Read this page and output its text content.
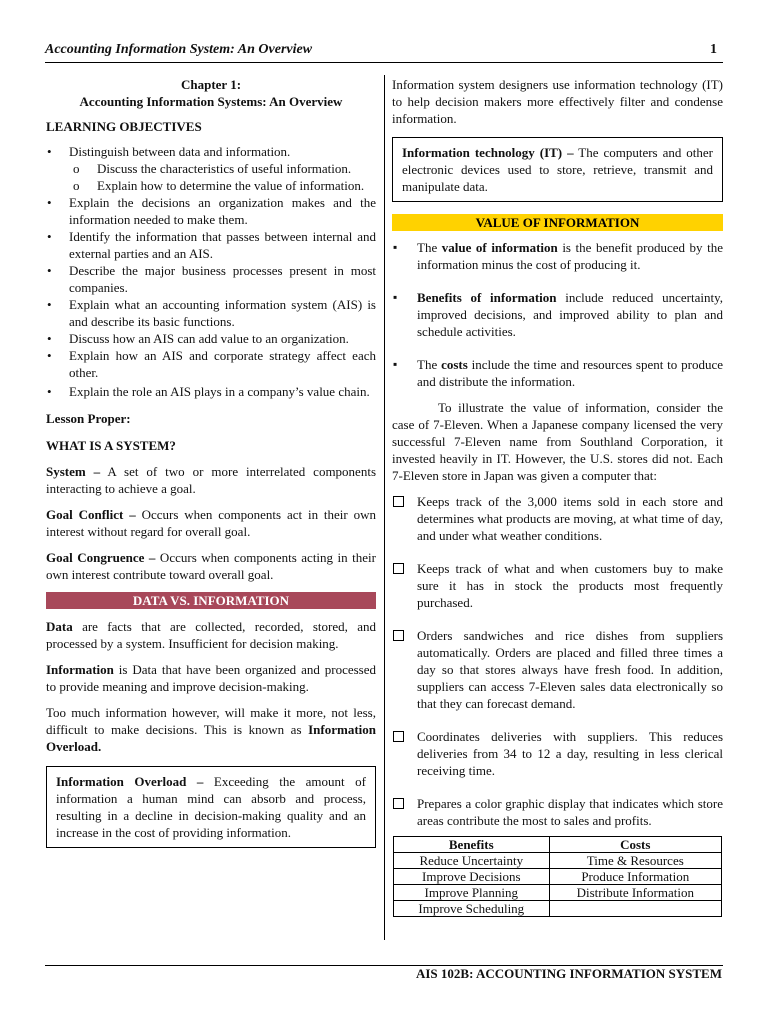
Accounting Information System: An Overview	1
Chapter 1:
Accounting Information Systems: An Overview
LEARNING OBJECTIVES
• Distinguish between data and information.
o Discuss the characteristics of useful information.
o Explain how to determine the value of information.
• Explain the decisions an organization makes and the information needed to make them.
• Identify the information that passes between internal and external parties and an AIS.
• Describe the major business processes present in most companies.
• Explain what an accounting information system (AIS) is and describe its basic functions.
• Discuss how an AIS can add value to an organization.
• Explain how an AIS and corporate strategy affect each other.
• Explain the role an AIS plays in a company’s value chain.

Lesson Proper:

WHAT IS A SYSTEM?

System – A set of two or more interrelated components interacting to achieve a goal.

Goal Conflict – Occurs when components act in their own interest without regard for overall goal.

Goal Congruence – Occurs when components acting in their own interest contribute toward overall goal.

DATA VS. INFORMATION

Data are facts that are collected, recorded, stored, and processed by a system. Insufficient for decision making.

Information is Data that have been organized and processed to provide meaning and improve decision-making.

Too much information however, will make it more, not less, difficult to make decisions. This is known as Information Overload.

Information Overload – Exceeding the amount of information a human mind can absorb and process, resulting in a decline in decision-making quality and an increase in the cost of providing information.

Information system designers use information technology (IT) to help decision makers more effectively filter and condense information.

Information technology (IT) – The computers and other electronic devices used to store, retrieve, transmit and manipulate data.
VALUE OF INFORMATION
▪ The value of information is the benefit produced by the information minus the cost of producing it.
▪ Benefits of information include reduced uncertainty, improved decisions, and improved ability to plan and schedule activities.
▪ The costs include the time and resources spent to produce and distribute the information.

To illustrate the value of information, consider the case of 7-Eleven. When a Japanese company licensed the very successful 7-Eleven name from Southland Corporation, it invested heavily in IT. However, the U.S. stores did not. Each 7-Eleven store in Japan was given a computer that:

Keeps track of the 3,000 items sold in each store and determines what products are moving, at what time of day, and under what weather conditions.
Keeps track of what and when customers buy to make sure it has in stock the products most frequently purchased.
Orders sandwiches and rice dishes from suppliers automatically. Orders are placed and filled three times a day so that stores always have fresh food. In addition, suppliers can access 7-Eleven sales data electronically so that they can forecast demand.
Coordinates deliveries with suppliers. This reduces deliveries from 34 to 12 a day, resulting in less clerical receiving time.
Prepares a color graphic display that indicates which store areas contribute the most to sales and profits.
Benefits	Costs
Reduce Uncertainty	Time & Resources
Improve Decisions	Produce Information
Improve Planning	Distribute Information
Improve Scheduling	
AIS 102B: ACCOUNTING INFORMATION SYSTEM
